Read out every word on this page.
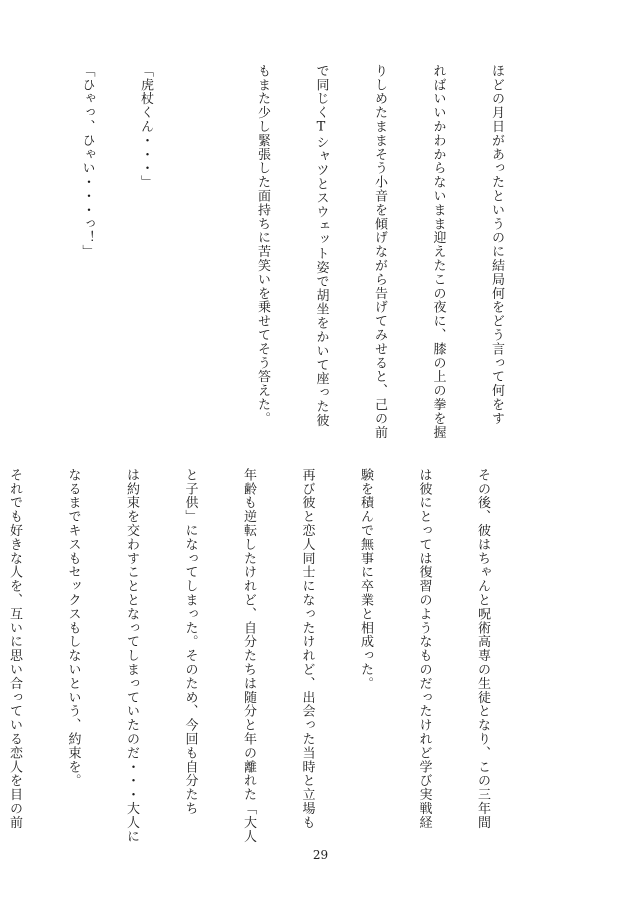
ほどの月日があったというのに結局何をどう言って何をす

ればいいかわからないまま迎えたこの夜に、膝の上の拳を握

りしめたままそう小音を傾げながら告げてみせると、己の前

で同じくTシャツとスウェット姿で胡坐をかいて座った彼

もまた少し緊張した面持ちに苦笑いを乗せてそう答えた。

「虎杖くん・・・」

「ひゃっ、ひゃい・・・っ！」

その後、彼はちゃんと呪術高専の生徒となり、この三年間

は彼にとっては復習のようなものだったけれど学び実戦経

験を積んで無事に卒業と相成った。

再び彼と恋人同士になったけれど、出会った当時と立場も

年齢も逆転したけれど、自分たちは随分と年の離れた「大人

と子供」になってしまった。そのため、今回も自分たち

は約束を交わすこととなってしまっていたのだ・・・大人に

なるまでキスもセックスもしないという、約束を。

それでも好きな人を、互いに思い合っている恋人を目の前

29
